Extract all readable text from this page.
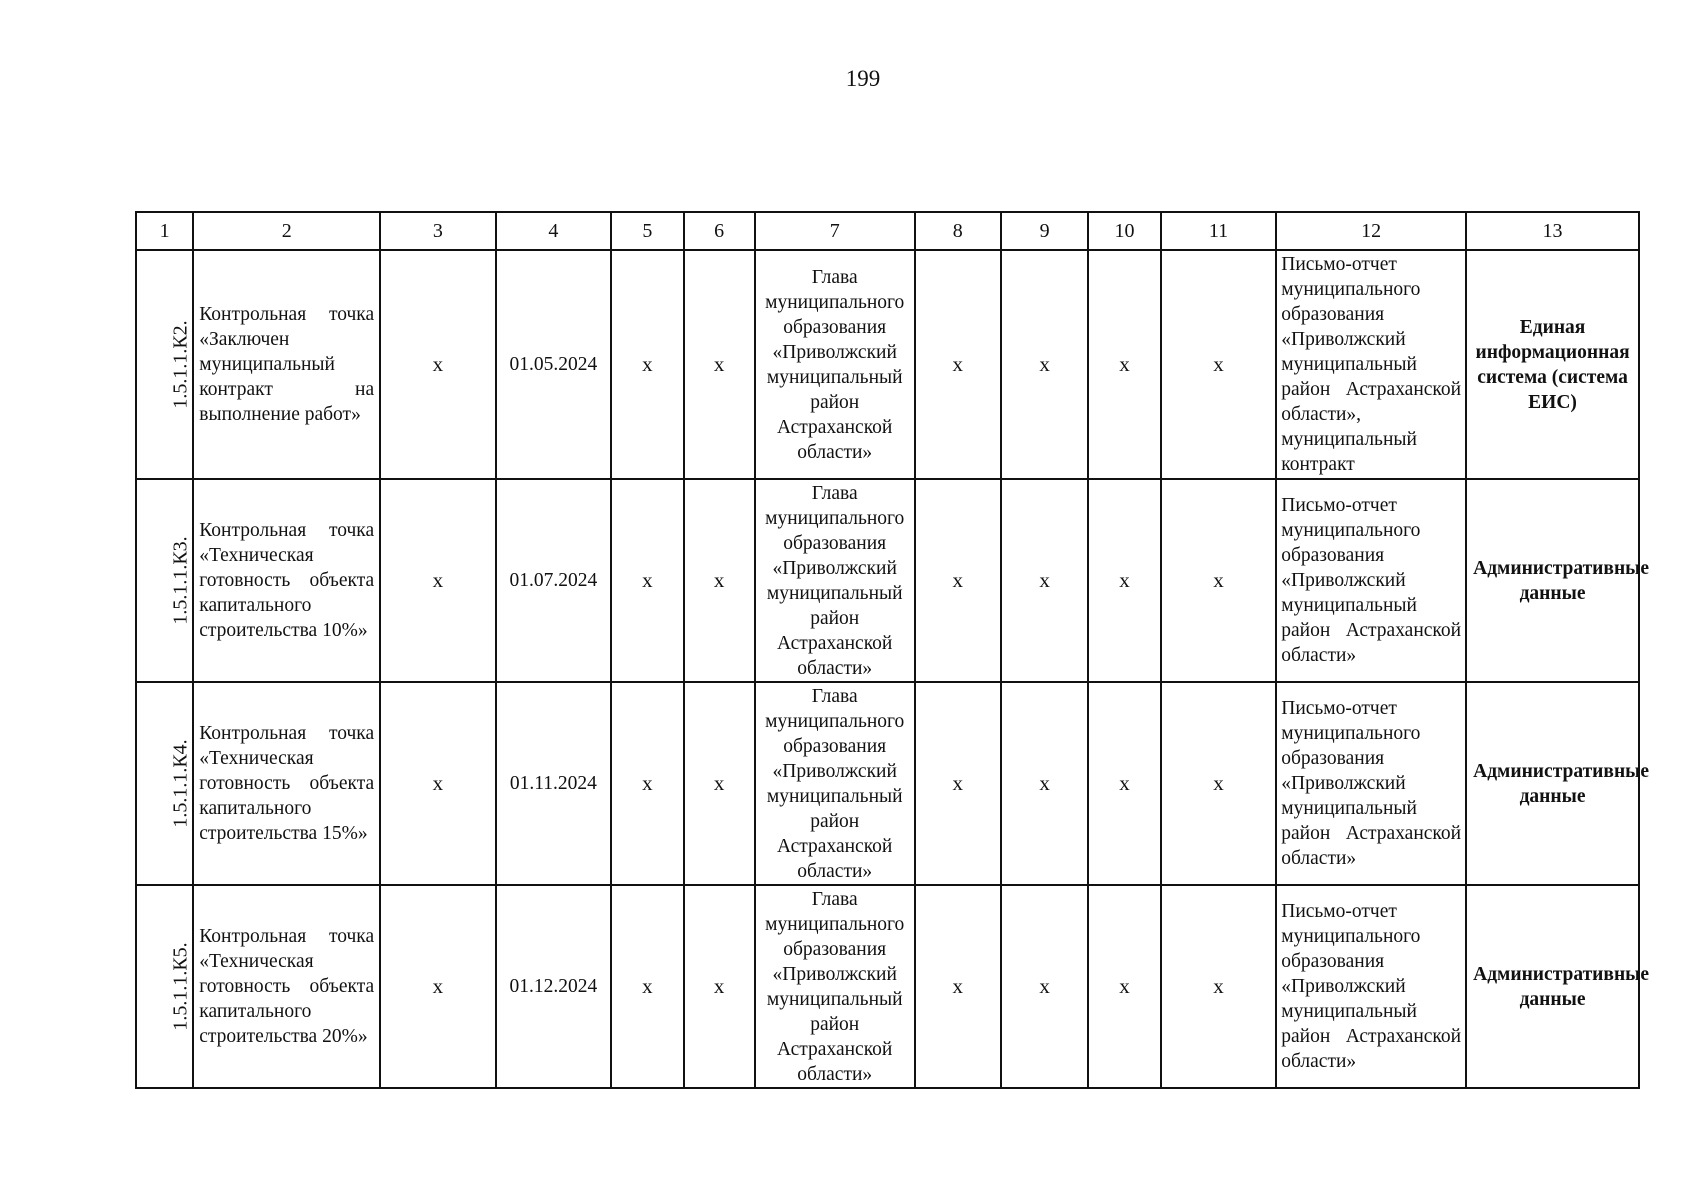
199
1	2	3	4	5	6	7	8	9	10	11	12	13
1.5.1.1.К2.	Контрольная точка «Заключен муниципальный контракт на выполнение работ»	x	01.05.2024	x	x	Глава муниципального образования «Приволжский муниципальный район Астраханской области»	x	x	x	x	Письмо-отчет муниципального образования «Приволжский муниципальный район Астраханской области», муниципальный контракт	Единая информационная система (система ЕИС)
1.5.1.1.К3.	Контрольная точка «Техническая готовность объекта капитального строительства 10%»	x	01.07.2024	x	x	Глава муниципального образования «Приволжский муниципальный район Астраханской области»	x	x	x	x	Письмо-отчет муниципального образования «Приволжский муниципальный район Астраханской области»	Административные данные
1.5.1.1.К4.	Контрольная точка «Техническая готовность объекта капитального строительства 15%»	x	01.11.2024	x	x	Глава муниципального образования «Приволжский муниципальный район Астраханской области»	x	x	x	x	Письмо-отчет муниципального образования «Приволжский муниципальный район Астраханской области»	Административные данные
1.5.1.1.К5.	Контрольная точка «Техническая готовность объекта капитального строительства 20%»	x	01.12.2024	x	x	Глава муниципального образования «Приволжский муниципальный район Астраханской области»	x	x	x	x	Письмо-отчет муниципального образования «Приволжский муниципальный район Астраханской области»	Административные данные
